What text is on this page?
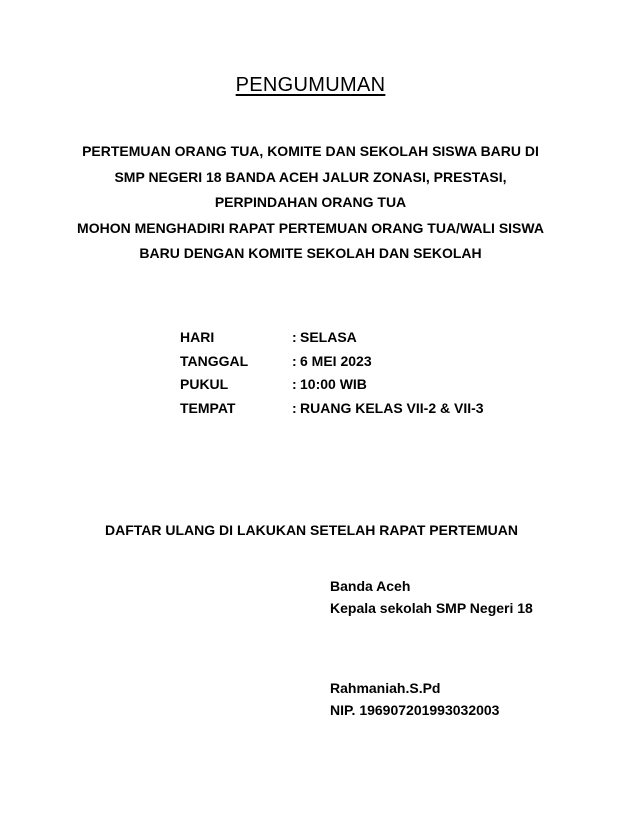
PENGUMUMAN
PERTEMUAN ORANG TUA, KOMITE DAN SEKOLAH SISWA BARU DI
SMP NEGERI 18 BANDA ACEH JALUR ZONASI, PRESTASI,
PERPINDAHAN ORANG TUA
MOHON MENGHADIRI RAPAT PERTEMUAN ORANG TUA/WALI SISWA
BARU DENGAN KOMITE SEKOLAH DAN SEKOLAH
HARI	: SELASA
TANGGAL	: 6 MEI 2023
PUKUL	: 10:00 WIB
TEMPAT	: RUANG KELAS VII-2 & VII-3
DAFTAR ULANG DI LAKUKAN SETELAH RAPAT PERTEMUAN
Banda Aceh
Kepala sekolah SMP Negeri 18
Rahmaniah.S.Pd
NIP. 196907201993032003
